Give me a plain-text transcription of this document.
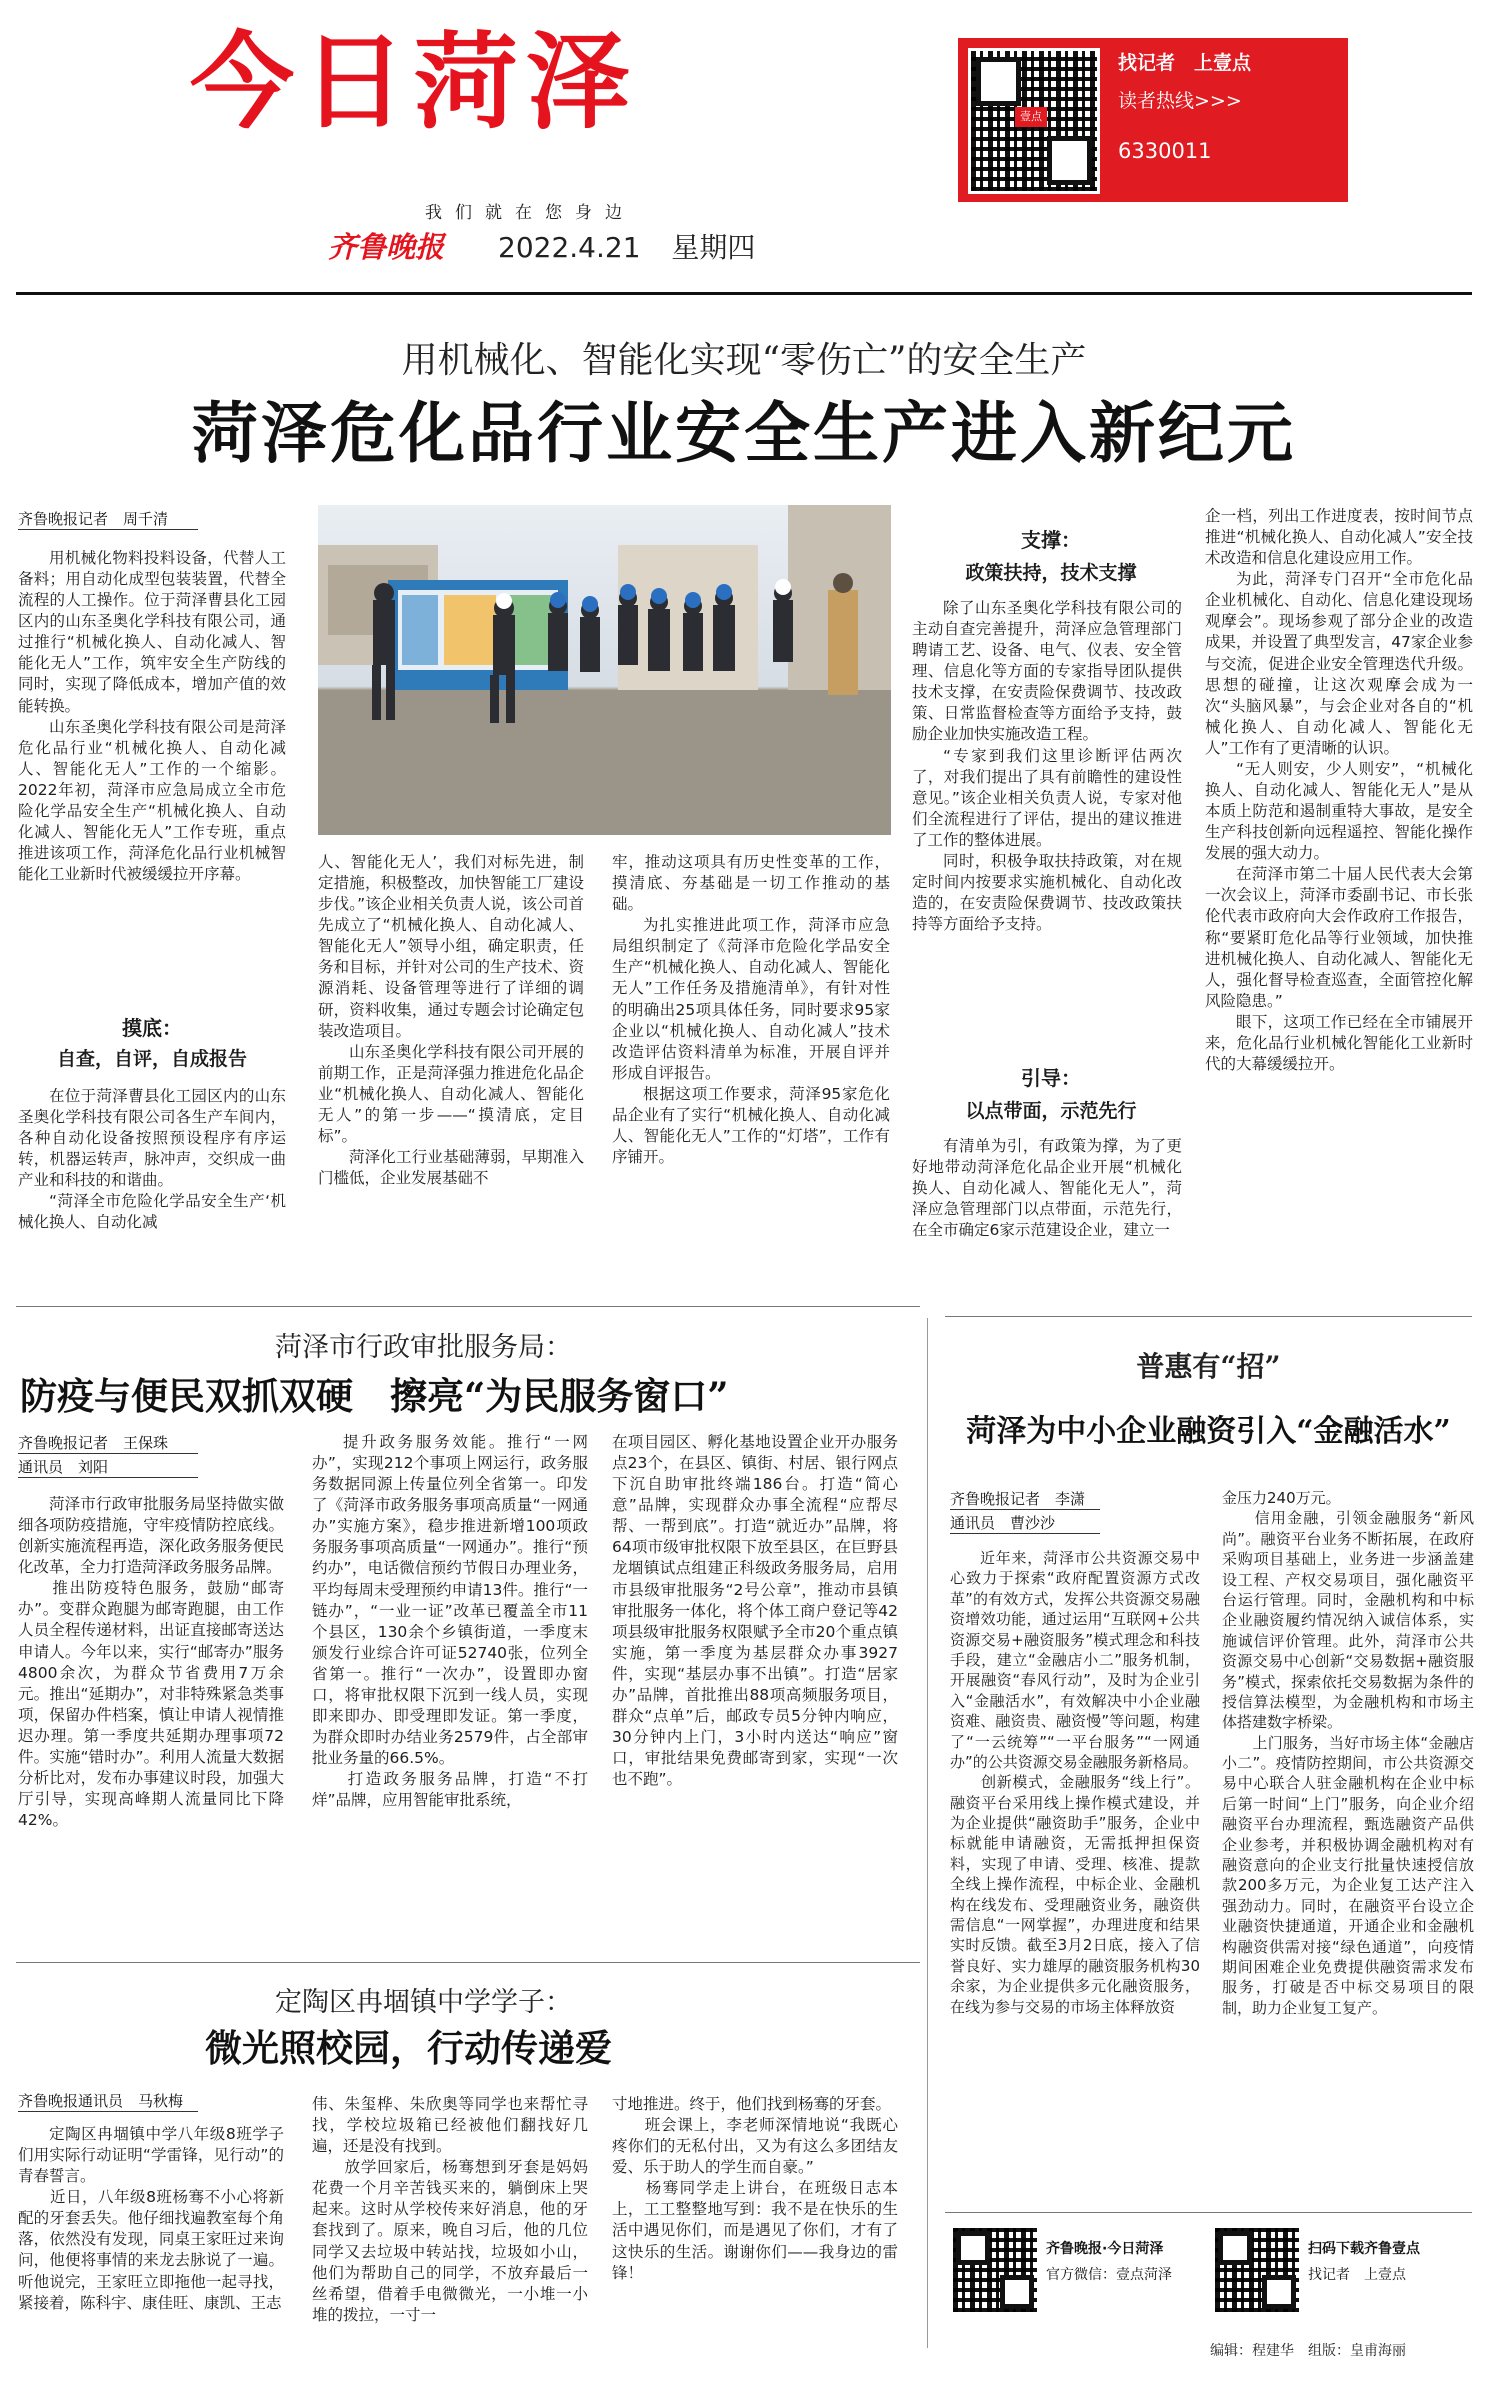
今日菏泽
我们就在您身边
齐鲁晚报 2022.4.21 星期四
壹点
找记者　上壹点
读者热线>>>
6330011
用机械化、智能化实现“零伤亡”的安全生产
菏泽危化品行业安全生产进入新纪元
齐鲁晚报记者　周千清

用机械化物料投料设备，代替人工备料；用自动化成型包装装置，代替全流程的人工操作。位于菏泽曹县化工园区内的山东圣奥化学科技有限公司，通过推行“机械化换人、自动化减人、智能化无人”工作，筑牢安全生产防线的同时，实现了降低成本，增加产值的效能转换。

山东圣奥化学科技有限公司是菏泽危化品行业“机械化换人、自动化减人、智能化无人”工作的一个缩影。2022年初，菏泽市应急局成立全市危险化学品安全生产“机械化换人、自动化减人、智能化无人”工作专班，重点推进该项工作，菏泽危化品行业机械智能化工业新时代被缓缓拉开序幕。

摸底：
自查，自评，自成报告

在位于菏泽曹县化工园区内的山东圣奥化学科技有限公司各生产车间内，各种自动化设备按照预设程序有序运转，机器运转声，脉冲声，交织成一曲产业和科技的和谐曲。

“菏泽全市危险化学品安全生产‘机械化换人、自动化减

人、智能化无人’，我们对标先进，制定措施，积极整改，加快智能工厂建设步伐。”该企业相关负责人说，该公司首先成立了“机械化换人、自动化减人、智能化无人”领导小组，确定职责，任务和目标，并针对公司的生产技术、资源消耗、设备管理等进行了详细的调研，资料收集，通过专题会讨论确定包装改造项目。

山东圣奥化学科技有限公司开展的前期工作，正是菏泽强力推进危化品企业“机械化换人、自动化减人、智能化无人”的第一步——“摸清底，定目标”。

菏泽化工行业基础薄弱，早期准入门槛低，企业发展基础不

牢，推动这项具有历史性变革的工作，摸清底、夯基础是一切工作推动的基础。

为扎实推进此项工作，菏泽市应急局组织制定了《菏泽市危险化学品安全生产“机械化换人、自动化减人、智能化无人”工作任务及措施清单》，有针对性的明确出25项具体任务，同时要求95家企业以“机械化换人、自动化减人”技术改造评估资料清单为标准，开展自评并形成自评报告。

根据这项工作要求，菏泽95家危化品企业有了实行“机械化换人、自动化减人、智能化无人”工作的“灯塔”，工作有序铺开。

支撑：
政策扶持，技术支撑

除了山东圣奥化学科技有限公司的主动自查完善提升，菏泽应急管理部门聘请工艺、设备、电气、仪表、安全管理、信息化等方面的专家指导团队提供技术支撑，在安责险保费调节、技改政策、日常监督检查等方面给予支持，鼓励企业加快实施改造工程。

“专家到我们这里诊断评估两次了，对我们提出了具有前瞻性的建设性意见。”该企业相关负责人说，专家对他们全流程进行了评估，提出的建议推进了工作的整体进展。

同时，积极争取扶持政策，对在规定时间内按要求实施机械化、自动化改造的，在安责险保费调节、技改政策扶持等方面给予支持。

引导：
以点带面，示范先行

有清单为引，有政策为撑，为了更好地带动菏泽危化品企业开展“机械化换人、自动化减人、智能化无人”，菏泽应急管理部门以点带面，示范先行，在全市确定6家示范建设企业，建立一

企一档，列出工作进度表，按时间节点推进“机械化换人、自动化减人”安全技术改造和信息化建设应用工作。

为此，菏泽专门召开“全市危化品企业机械化、自动化、信息化建设现场观摩会”。现场参观了部分企业的改造成果，并设置了典型发言，47家企业参与交流，促进企业安全管理迭代升级。思想的碰撞，让这次观摩会成为一次“头脑风暴”，与会企业对各自的“机械化换人、自动化减人、智能化无人”工作有了更清晰的认识。

“无人则安，少人则安”，“机械化换人、自动化减人、智能化无人”是从本质上防范和遏制重特大事故，是安全生产科技创新向远程遥控、智能化操作发展的强大动力。

在菏泽市第二十届人民代表大会第一次会议上，菏泽市委副书记、市长张伦代表市政府向大会作政府工作报告，称“要紧盯危化品等行业领域，加快推进机械化换人、自动化减人、智能化无人，强化督导检查巡查，全面管控化解风险隐患。”

眼下，这项工作已经在全市铺展开来，危化品行业机械化智能化工业新时代的大幕缓缓拉开。

菏泽市行政审批服务局：
防疫与便民双抓双硬　擦亮“为民服务窗口”
齐鲁晚报记者　王保珠
通讯员　刘阳
菏泽市行政审批服务局坚持做实做细各项防疫措施，守牢疫情防控底线。创新实施流程再造，深化政务服务便民化改革，全力打造菏泽政务服务品牌。
　　推出防疫特色服务，鼓励“邮寄办”。变群众跑腿为邮寄跑腿，由工作人员全程传递材料，出证直接邮寄送达申请人。今年以来，实行“邮寄办”服务4800余次，为群众节省费用7万余元。推出“延期办”，对非特殊紧急类事项，保留办件档案，慎让申请人视情推迟办理。第一季度共延期办理事项72件。实施“错时办”。利用人流量大数据分析比对，发布办事建议时段，加强大厅引导，实现高峰期人流量同比下降42%。
提升政务服务效能。推行“一网办”，实现212个事项上网运行，政务服务数据同源上传量位列全省第一。印发了《菏泽市政务服务事项高质量“一网通办”实施方案》，稳步推进新增100项政务服务事项高质量“一网通办”。推行“预约办”，电话微信预约节假日办理业务，平均每周末受理预约申请13件。推行“一链办”，“一业一证”改革已覆盖全市11个县区，130余个乡镇街道，一季度末颁发行业综合许可证52740张，位列全省第一。推行“一次办”，设置即办窗口，将审批权限下沉到一线人员，实现即来即办、即受理即发证。第一季度，为群众即时办结业务2579件，占全部审批业务量的66.5%。
　　打造政务服务品牌，打造“不打烊”品牌，应用智能审批系统，
在项目园区、孵化基地设置企业开办服务点23个，在县区、镇街、村居、银行网点下沉自助审批终端186台。打造“简心意”品牌，实现群众办事全流程“应帮尽帮、一帮到底”。打造“就近办”品牌，将64项市级审批权限下放至县区，在巨野县龙堌镇试点组建正科级政务服务局，启用市县级审批服务“2号公章”，推动市县镇审批服务一体化，将个体工商户登记等42项县级审批服务权限赋予全市20个重点镇实施，第一季度为基层群众办事3927件，实现“基层办事不出镇”。打造“居家办”品牌，首批推出88项高频服务项目，群众“点单”后，邮政专员5分钟内响应，30分钟内上门，3小时内送达“响应”窗口，审批结果免费邮寄到家，实现“一次也不跑”。
定陶区冉堌镇中学学子：
微光照校园，行动传递爱
齐鲁晚报通讯员　马秋梅
定陶区冉堌镇中学八年级8班学子们用实际行动证明“学雷锋，见行动”的青春誓言。
　　近日，八年级8班杨骞不小心将新配的牙套丢失。他仔细找遍教室每个角落，依然没有发现，同桌王家旺过来询问，他便将事情的来龙去脉说了一遍。听他说完，王家旺立即拖他一起寻找，紧接着，陈科宇、康佳旺、康凯、王志
伟、朱玺桦、朱欣奥等同学也来帮忙寻找，学校垃圾箱已经被他们翻找好几遍，还是没有找到。
　　放学回家后，杨骞想到牙套是妈妈花费一个月辛苦钱买来的，躺倒床上哭起来。这时从学校传来好消息，他的牙套找到了。原来，晚自习后，他的几位同学又去垃圾中转站找，垃圾如小山，他们为帮助自己的同学，不放弃最后一丝希望，借着手电微微光，一小堆一小堆的拨拉，一寸一
寸地推进。终于，他们找到杨骞的牙套。
　　班会课上，李老师深情地说“我既心疼你们的无私付出，又为有这么多团结友爱、乐于助人的学生而自豪。”
　　杨骞同学走上讲台，在班级日志本上，工工整整地写到：我不是在快乐的生活中遇见你们，而是遇见了你们，才有了这快乐的生活。谢谢你们——我身边的雷锋！
普惠有“招”
菏泽为中小企业融资引入“金融活水”
齐鲁晚报记者　李潇
通讯员　曹沙沙
近年来，菏泽市公共资源交易中心致力于探索“政府配置资源方式改革”的有效方式，发挥公共资源交易融资增效功能，通过运用“互联网+公共资源交易+融资服务”模式理念和科技手段，建立“金融店小二”服务机制，开展融资“春风行动”，及时为企业引入“金融活水”，有效解决中小企业融资难、融资贵、融资慢”等问题，构建了“一云统筹”“一平台服务”“一网通办”的公共资源交易金融服务新格局。
　　创新模式，金融服务“线上行”。融资平台采用线上操作模式建设，并为企业提供“融资助手”服务，企业中标就能申请融资，无需抵押担保资料，实现了申请、受理、核准、提款全线上操作流程，中标企业、金融机构在线发布、受理融资业务，融资供需信息“一网掌握”，办理进度和结果实时反馈。截至3月2日底，接入了信誉良好、实力雄厚的融资服务机构30余家，为企业提供多元化融资服务，在线为参与交易的市场主体释放资
金压力240万元。
　　信用金融，引领金融服务“新风尚”。融资平台业务不断拓展，在政府采购项目基础上，业务进一步涵盖建设工程、产权交易项目，强化融资平台运行管理。同时，金融机构和中标企业融资履约情况纳入诚信体系，实施诚信评价管理。此外，菏泽市公共资源交易中心创新“交易数据+融资服务”模式，探索依托交易数据为条件的授信算法模型，为金融机构和市场主体搭建数字桥梁。
　　上门服务，当好市场主体“金融店小二”。疫情防控期间，市公共资源交易中心联合人驻金融机构在企业中标后第一时间“上门”服务，向企业介绍融资平台办理流程，甄选融资产品供企业参考，并积极协调金融机构对有融资意向的企业支行批量快速授信放款200多万元，为企业复工达产注入强劲动力。同时，在融资平台设立企业融资快捷通道，开通企业和金融机构融资供需对接“绿色通道”，向疫情期间困难企业免费提供融资需求发布服务，打破是否中标交易项目的限制，助力企业复工复产。
齐鲁晚报·今日菏泽
官方微信：壹点菏泽
扫码下载齐鲁壹点
找记者　上壹点
编辑：程建华　组版：皇甫海丽
